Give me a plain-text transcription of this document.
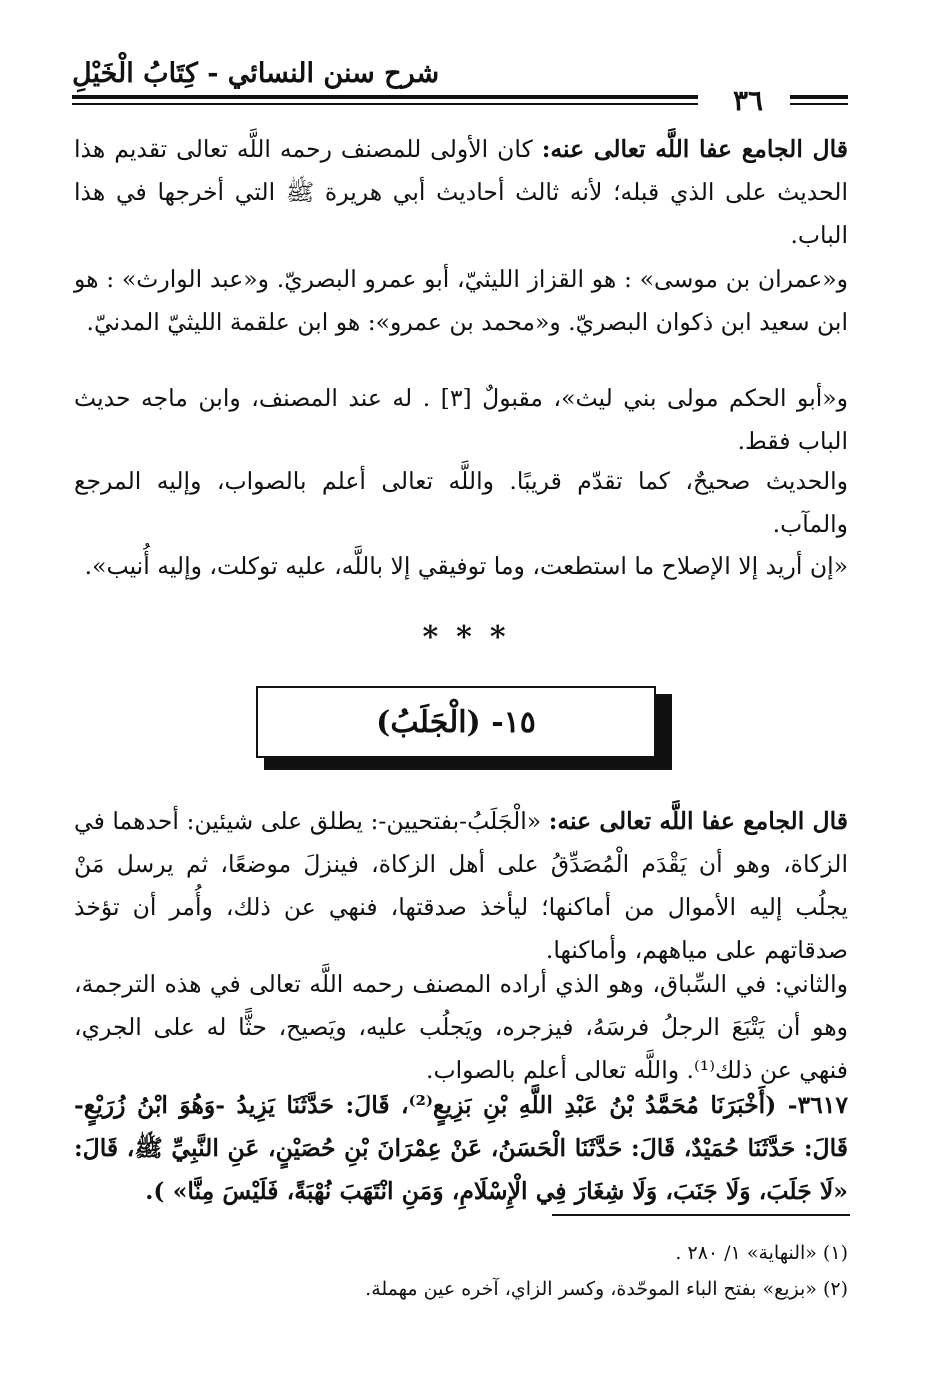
شرح سنن النسائي - كِتَابُ الْخَيْلِ
٣٦
قال الجامع عفا اللَّه تعالى عنه: كان الأولى للمصنف رحمه اللَّه تعالى تقديم هذا الحديث على الذي قبله؛ لأنه ثالث أحاديث أبي هريرة ﷺ التي أخرجها في هذا الباب.
و«عمران بن موسى» : هو القزاز الليثيّ، أبو عمرو البصريّ. و«عبد الوارث» : هو ابن سعيد ابن ذكوان البصريّ. و«محمد بن عمرو»: هو ابن علقمة الليثيّ المدنيّ.
و«أبو الحكم مولى بني ليث»، مقبولٌ [٣] . له عند المصنف، وابن ماجه حديث الباب فقط.
والحديث صحيحٌ، كما تقدّم قريبًا. واللَّه تعالى أعلم بالصواب، وإليه المرجع والمآب.
«إن أريد إلا الإصلاح ما استطعت، وما توفيقي إلا باللَّه، عليه توكلت، وإليه أُنيب».
***
١٥- (الْجَلَبُ)
قال الجامع عفا اللَّه تعالى عنه: «الْجَلَبُ-بفتحيين-: يطلق على شيئين: أحدهما في الزكاة، وهو أن يَقْدَم الْمُصَدِّقُ على أهل الزكاة، فينزلَ موضعًا، ثم يرسل مَنْ يجلُب إليه الأموال من أماكنها؛ ليأخذ صدقتها، فنهي عن ذلك، وأُمر أن تؤخذ صدقاتهم على مياههم، وأماكنها.
والثاني: في السِّباق، وهو الذي أراده المصنف رحمه اللَّه تعالى في هذه الترجمة، وهو أن يَتْبَعَ الرجلُ فرسَهُ، فيزجره، ويَجلُب عليه، ويَصيح، حثًّا له على الجري، فنهي عن ذلك⁽¹⁾. واللَّه تعالى أعلم بالصواب.
٣٦١٧- (أَخْبَرَنَا مُحَمَّدُ بْنُ عَبْدِ اللَّهِ بْنِ بَزِيعٍ⁽²⁾، قَالَ: حَدَّثَنَا يَزِيدُ -وَهُوَ ابْنُ زُرَيْعٍ- قَالَ: حَدَّثَنَا حُمَيْدٌ، قَالَ: حَدَّثَنَا الْحَسَنُ، عَنْ عِمْرَانَ بْنِ حُصَيْنٍ، عَنِ النَّبِيِّ ﷺ، قَالَ: «لَا جَلَبَ، وَلَا جَنَبَ، وَلَا شِغَارَ فِي الْإِسْلَامِ، وَمَنِ انْتَهَبَ نُهْبَةً، فَلَيْسَ مِنَّا» ).
(١) «النهاية» ١/ ٢٨٠ .
(٢) «بزيع» بفتح الباء الموحّدة، وكسر الزاي، آخره عين مهملة.
